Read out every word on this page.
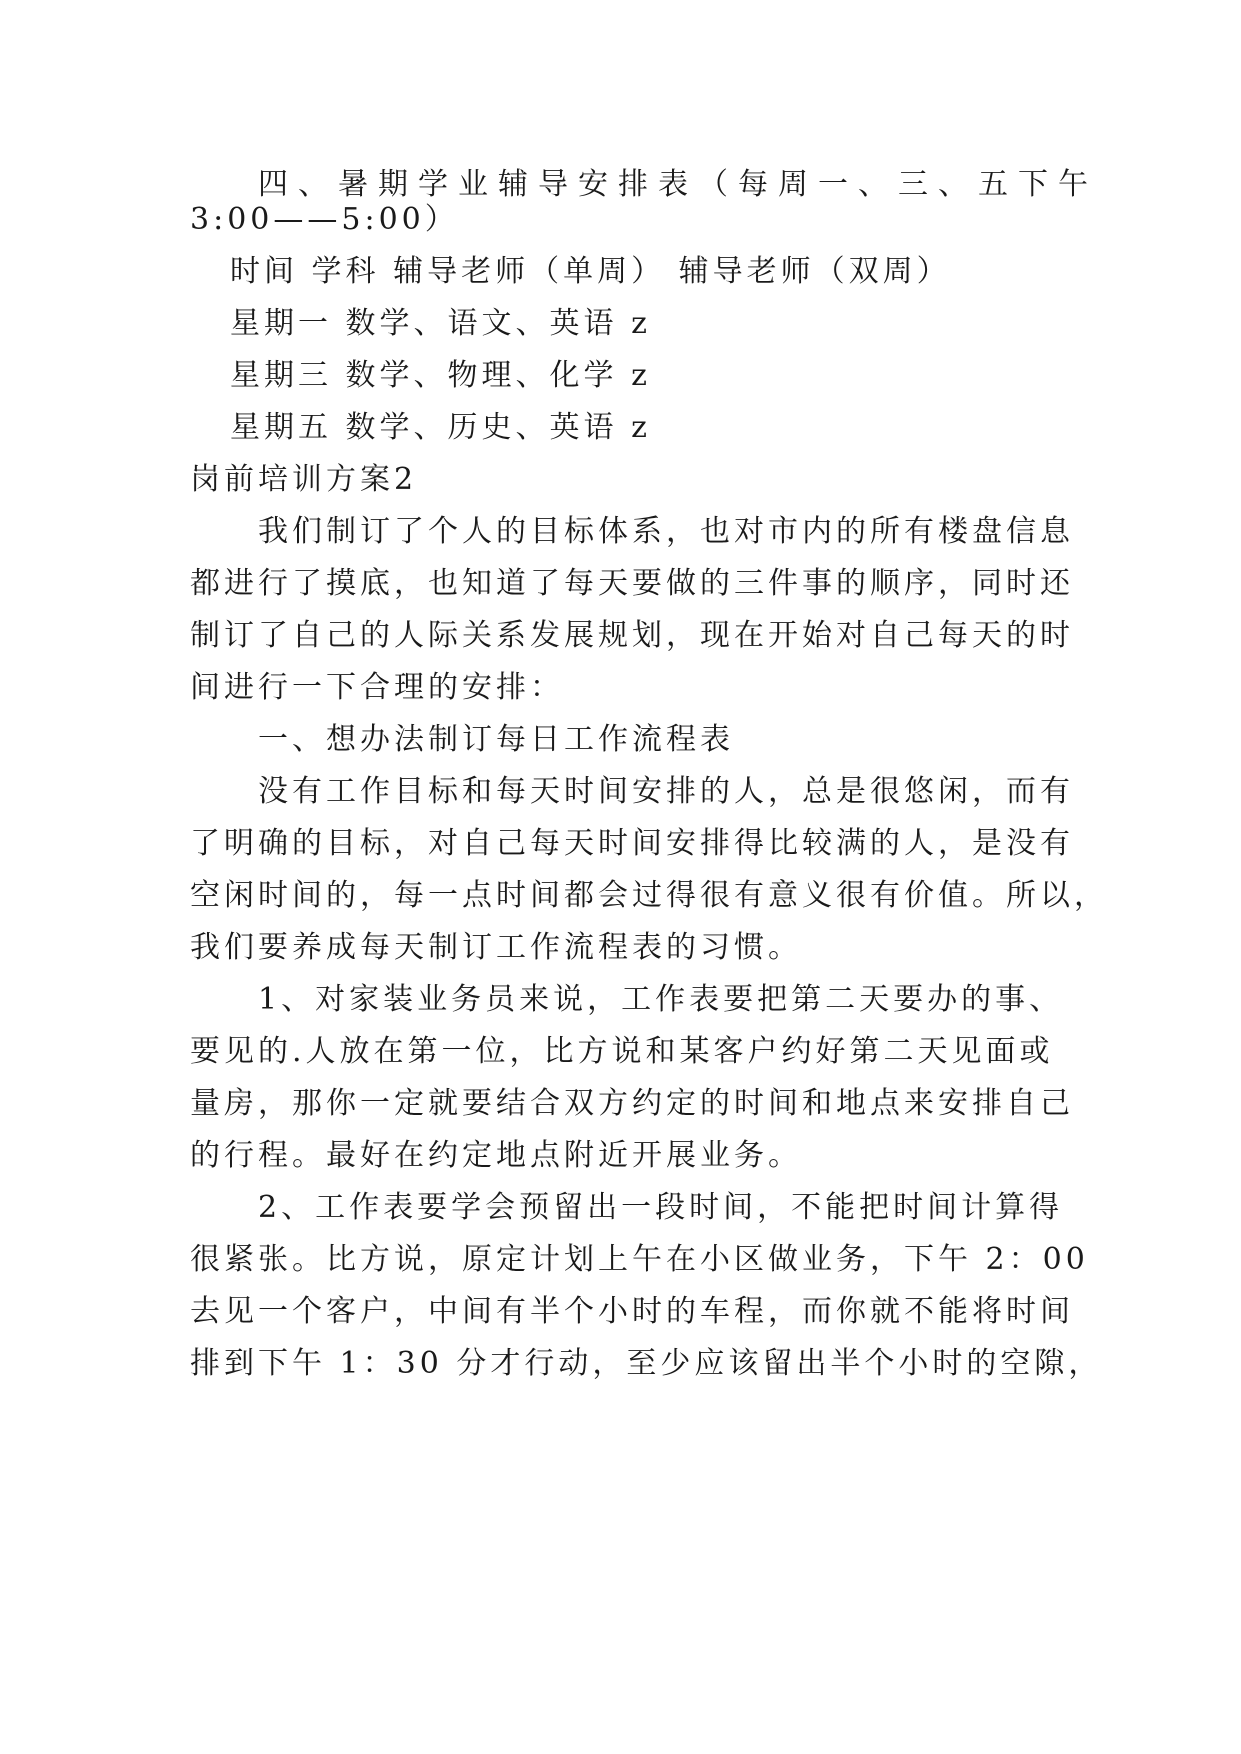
四、暑期学业辅导安排表（每周一、三、五下午
3:00——5:00）
时间 学科 辅导老师（单周） 辅导老师（双周）
星期一 数学、语文、英语 z
星期三 数学、物理、化学 z
星期五 数学、历史、英语 z
岗前培训方案2
我们制订了个人的目标体系，也对市内的所有楼盘信息
都进行了摸底，也知道了每天要做的三件事的顺序，同时还
制订了自己的人际关系发展规划，现在开始对自己每天的时
间进行一下合理的安排：
一、想办法制订每日工作流程表
没有工作目标和每天时间安排的人，总是很悠闲，而有
了明确的目标，对自己每天时间安排得比较满的人，是没有
空闲时间的，每一点时间都会过得很有意义很有价值。所以，
我们要养成每天制订工作流程表的习惯。
1、对家装业务员来说，工作表要把第二天要办的事、
要见的.人放在第一位，比方说和某客户约好第二天见面或
量房，那你一定就要结合双方约定的时间和地点来安排自己
的行程。最好在约定地点附近开展业务。
2、工作表要学会预留出一段时间，不能把时间计算得
很紧张。比方说，原定计划上午在小区做业务，下午 2：00
去见一个客户，中间有半个小时的车程，而你就不能将时间
排到下午 1：30 分才行动，至少应该留出半个小时的空隙，
